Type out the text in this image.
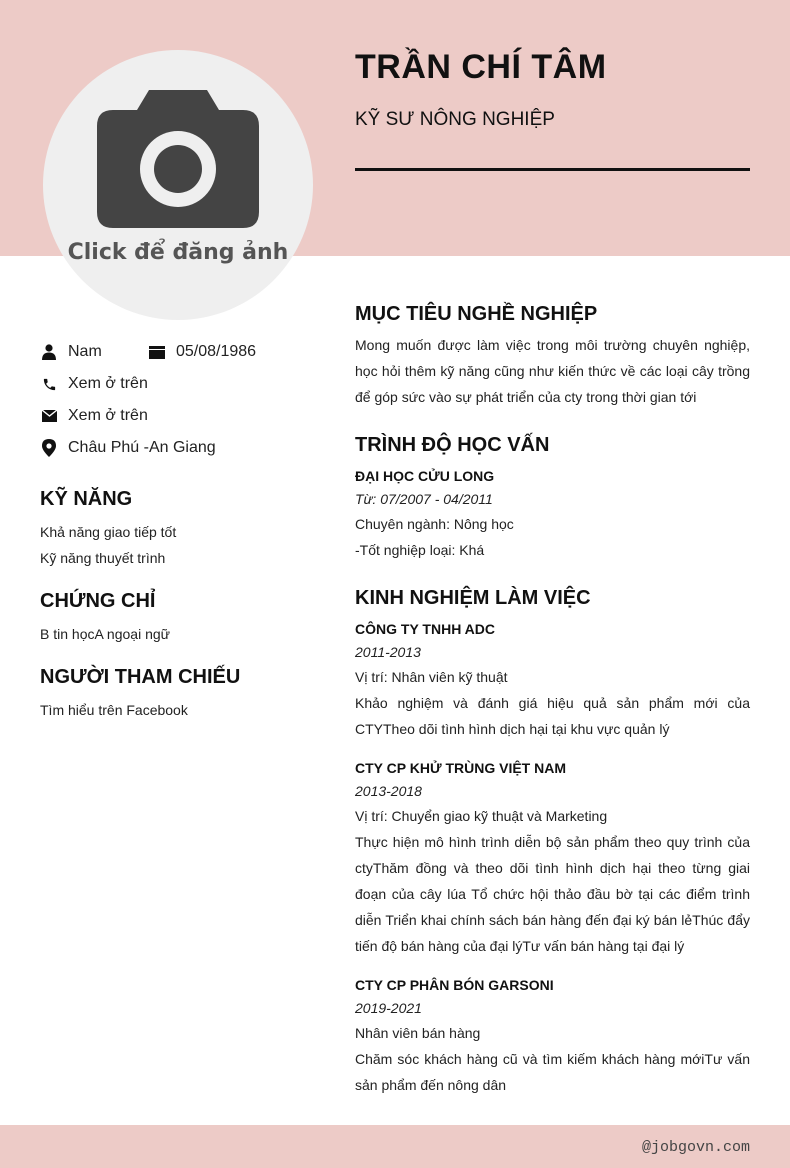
Click để đăng ảnh
TRẦN CHÍ TÂM
KỸ SƯ NÔNG NGHIỆP
Nam	05/08/1986
Xem ở trên
Xem ở trên
Châu Phú -An Giang
KỸ NĂNG
Khả năng giao tiếp tốt
Kỹ năng thuyết trình
CHỨNG CHỈ
B tin họcA ngoại ngữ
NGƯỜI THAM CHIẾU
Tìm hiểu trên Facebook
MỤC TIÊU NGHỀ NGHIỆP
Mong muốn được làm việc trong môi trường chuyên nghiệp, học hỏi thêm kỹ năng cũng như kiến thức về các loại cây trồng để góp sức vào sự phát triển của cty trong thời gian tới
TRÌNH ĐỘ HỌC VẤN
ĐẠI HỌC CỬU LONG
Từ: 07/2007 - 04/2011
Chuyên ngành: Nông học
-Tốt nghiệp loại: Khá
KINH NGHIỆM LÀM VIỆC
CÔNG TY TNHH ADC
2011-2013
Vị trí: Nhân viên kỹ thuật
Khảo nghiệm và đánh giá hiệu quả sản phẩm mới của CTYTheo dõi tình hình dịch hại tại khu vực quản lý
CTY CP KHỬ TRÙNG VIỆT NAM
2013-2018
Vị trí: Chuyển giao kỹ thuật và Marketing
Thực hiện mô hình trình diễn bộ sản phẩm theo quy trình của ctyThăm đồng và theo dõi tình hình dịch hại theo từng giai đoạn của cây lúa Tổ chức hội thảo đầu bờ tại các điểm trình diễn Triển khai chính sách bán hàng đến đại ký bán lẻThúc đẩy tiến độ bán hàng của đại lýTư vấn bán hàng tại đại lý
CTY CP PHÂN BÓN GARSONI
2019-2021
Nhân viên bán hàng
Chăm sóc khách hàng cũ và tìm kiếm khách hàng mớiTư vấn sản phẩm đến nông dân
@jobgovn.com
